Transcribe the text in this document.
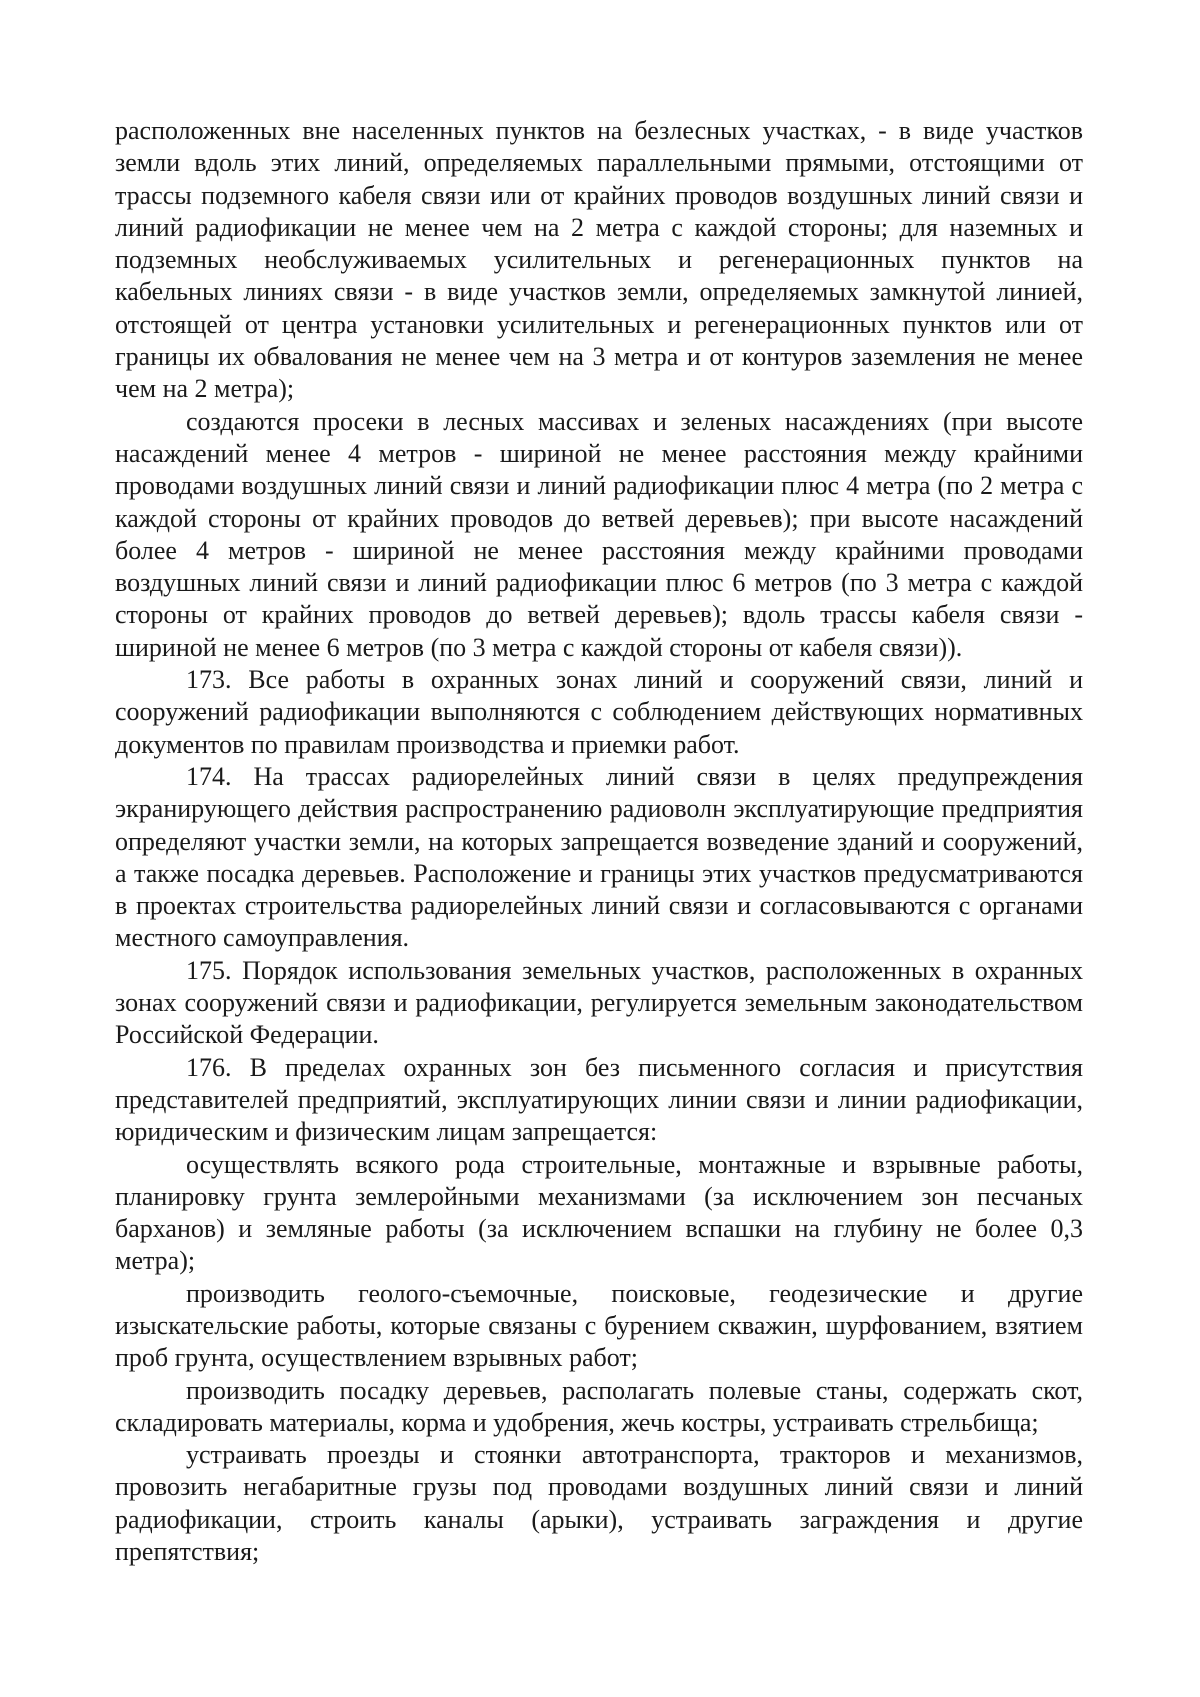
расположенных вне населенных пунктов на безлесных участках, - в виде участков земли вдоль этих линий, определяемых параллельными прямыми, отстоящими от трассы подземного кабеля связи или от крайних проводов воздушных линий связи и линий радиофикации не менее чем на 2 метра с каждой стороны; для наземных и подземных необслуживаемых усилительных и регенерационных пунктов на кабельных линиях связи - в виде участков земли, определяемых замкнутой линией, отстоящей от центра установки усилительных и регенерационных пунктов или от границы их обвалования не менее чем на 3 метра и от контуров заземления не менее чем на 2 метра);

создаются просеки в лесных массивах и зеленых насаждениях (при высоте насаждений менее 4 метров - шириной не менее расстояния между крайними проводами воздушных линий связи и линий радиофикации плюс 4 метра (по 2 метра с каждой стороны от крайних проводов до ветвей деревьев); при высоте насаждений более 4 метров - шириной не менее расстояния между крайними проводами воздушных линий связи и линий радиофикации плюс 6 метров (по 3 метра с каждой стороны от крайних проводов до ветвей деревьев); вдоль трассы кабеля связи - шириной не менее 6 метров (по 3 метра с каждой стороны от кабеля связи)).

173. Все работы в охранных зонах линий и сооружений связи, линий и сооружений радиофикации выполняются с соблюдением действующих нормативных документов по правилам производства и приемки работ.

174. На трассах радиорелейных линий связи в целях предупреждения экранирующего действия распространению радиоволн эксплуатирующие предприятия определяют участки земли, на которых запрещается возведение зданий и сооружений, а также посадка деревьев. Расположение и границы этих участков предусматриваются в проектах строительства радиорелейных линий связи и согласовываются с органами местного самоуправления.

175. Порядок использования земельных участков, расположенных в охранных зонах сооружений связи и радиофикации, регулируется земельным законодательством Российской Федерации.

176. В пределах охранных зон без письменного согласия и присутствия представителей предприятий, эксплуатирующих линии связи и линии радиофикации, юридическим и физическим лицам запрещается:

осуществлять всякого рода строительные, монтажные и взрывные работы, планировку грунта землеройными механизмами (за исключением зон песчаных барханов) и земляные работы (за исключением вспашки на глубину не более 0,3 метра);

производить геолого-съемочные, поисковые, геодезические и другие изыскательские работы, которые связаны с бурением скважин, шурфованием, взятием проб грунта, осуществлением взрывных работ;

производить посадку деревьев, располагать полевые станы, содержать скот, складировать материалы, корма и удобрения, жечь костры, устраивать стрельбища;

устраивать проезды и стоянки автотранспорта, тракторов и механизмов, провозить негабаритные грузы под проводами воздушных линий связи и линий радиофикации, строить каналы (арыки), устраивать заграждения и другие препятствия;
